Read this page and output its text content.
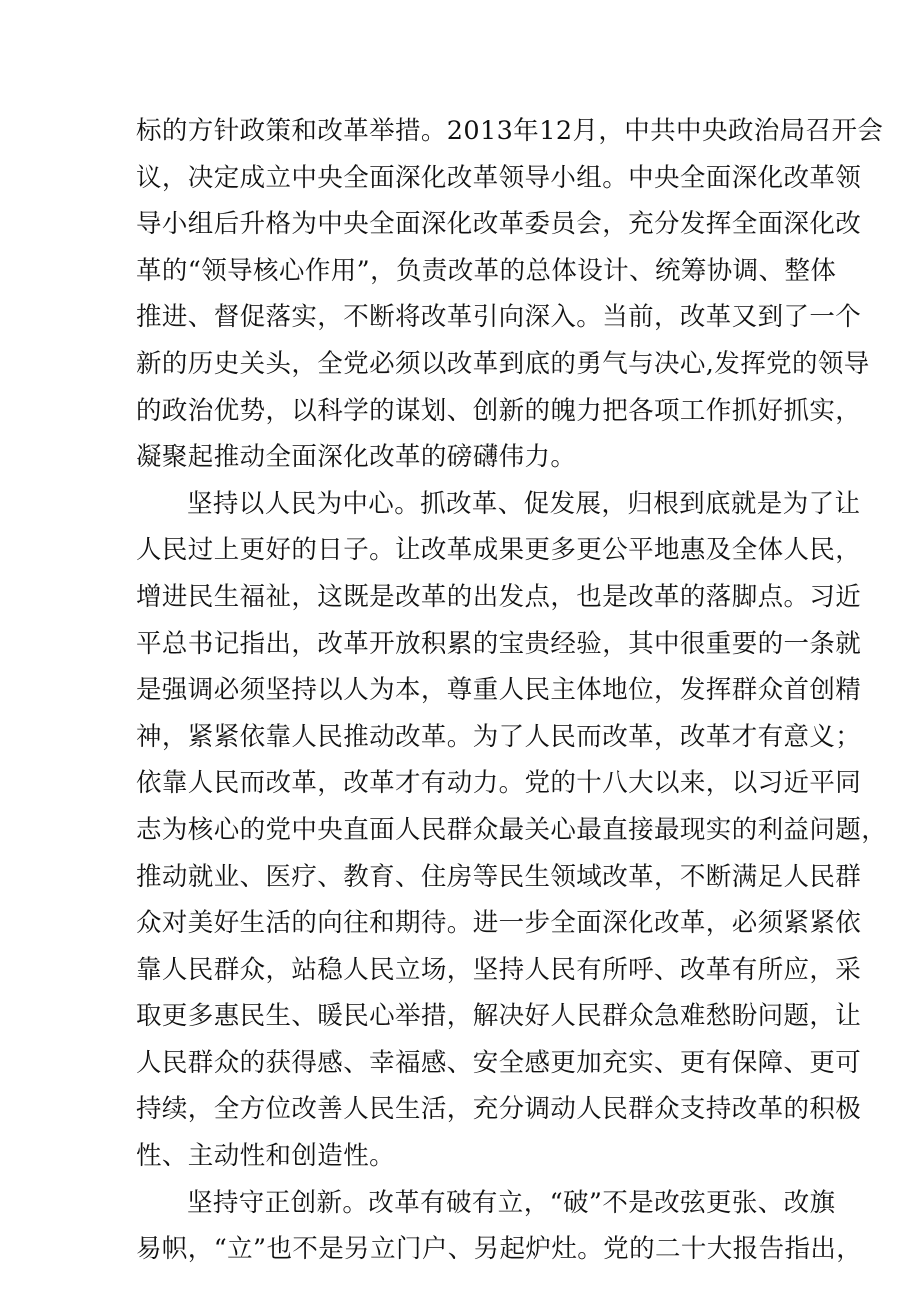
标的方针政策和改革举措。2013年12月，中共中央政治局召开会
议，决定成立中央全面深化改革领导小组。中央全面深化改革领
导小组后升格为中央全面深化改革委员会，充分发挥全面深化改
革的“领导核心作用”，负责改革的总体设计、统筹协调、整体
推进、督促落实，不断将改革引向深入。当前，改革又到了一个
新的历史关头，全党必须以改革到底的勇气与决心,发挥党的领导
的政治优势，以科学的谋划、创新的魄力把各项工作抓好抓实，
凝聚起推动全面深化改革的磅礴伟力。
坚持以人民为中心。抓改革、促发展，归根到底就是为了让
人民过上更好的日子。让改革成果更多更公平地惠及全体人民，
增进民生福祉，这既是改革的出发点，也是改革的落脚点。习近
平总书记指出，改革开放积累的宝贵经验，其中很重要的一条就
是强调必须坚持以人为本，尊重人民主体地位，发挥群众首创精
神，紧紧依靠人民推动改革。为了人民而改革，改革才有意义；
依靠人民而改革，改革才有动力。党的十八大以来，以习近平同
志为核心的党中央直面人民群众最关心最直接最现实的利益问题，
推动就业、医疗、教育、住房等民生领域改革，不断满足人民群
众对美好生活的向往和期待。进一步全面深化改革，必须紧紧依
靠人民群众，站稳人民立场，坚持人民有所呼、改革有所应，采
取更多惠民生、暖民心举措，解决好人民群众急难愁盼问题，让
人民群众的获得感、幸福感、安全感更加充实、更有保障、更可
持续，全方位改善人民生活，充分调动人民群众支持改革的积极
性、主动性和创造性。
坚持守正创新。改革有破有立，“破”不是改弦更张、改旗
易帜，“立”也不是另立门户、另起炉灶。党的二十大报告指出，
